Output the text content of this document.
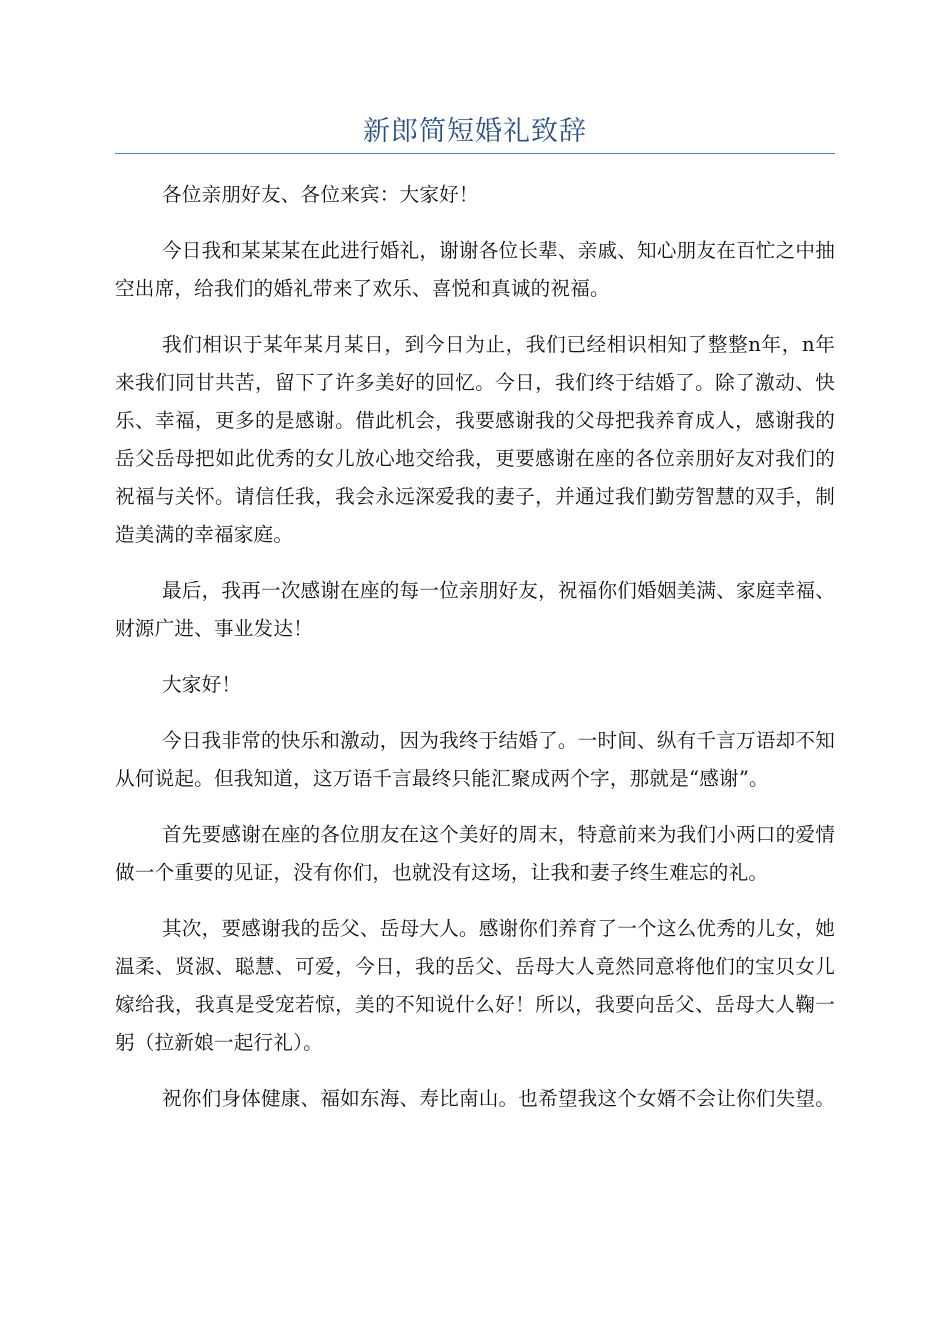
新郎简短婚礼致辞

各位亲朋好友、各位来宾：大家好！

今日我和某某某在此进行婚礼，谢谢各位长辈、亲戚、知心朋友在百忙之中抽空出席，给我们的婚礼带来了欢乐、喜悦和真诚的祝福。

我们相识于某年某月某日，到今日为止，我们已经相识相知了整整n年，n年来我们同甘共苦，留下了许多美好的回忆。今日，我们终于结婚了。除了激动、快乐、幸福，更多的是感谢。借此机会，我要感谢我的父母把我养育成人，感谢我的岳父岳母把如此优秀的女儿放心地交给我，更要感谢在座的各位亲朋好友对我们的祝福与关怀。请信任我，我会永远深爱我的妻子，并通过我们勤劳智慧的双手，制造美满的幸福家庭。

最后，我再一次感谢在座的每一位亲朋好友，祝福你们婚姻美满、家庭幸福、财源广进、事业发达！

大家好！

今日我非常的快乐和激动，因为我终于结婚了。一时间、纵有千言万语却不知从何说起。但我知道，这万语千言最终只能汇聚成两个字，那就是“感谢”。

首先要感谢在座的各位朋友在这个美好的周末，特意前来为我们小两口的爱情做一个重要的见证，没有你们，也就没有这场，让我和妻子终生难忘的礼。

其次，要感谢我的岳父、岳母大人。感谢你们养育了一个这么优秀的儿女，她温柔、贤淑、聪慧、可爱，今日，我的岳父、岳母大人竟然同意将他们的宝贝女儿嫁给我，我真是受宠若惊，美的不知说什么好！所以，我要向岳父、岳母大人鞠一躬（拉新娘一起行礼）。

祝你们身体健康、福如东海、寿比南山。也希望我这个女婿不会让你们失望。
